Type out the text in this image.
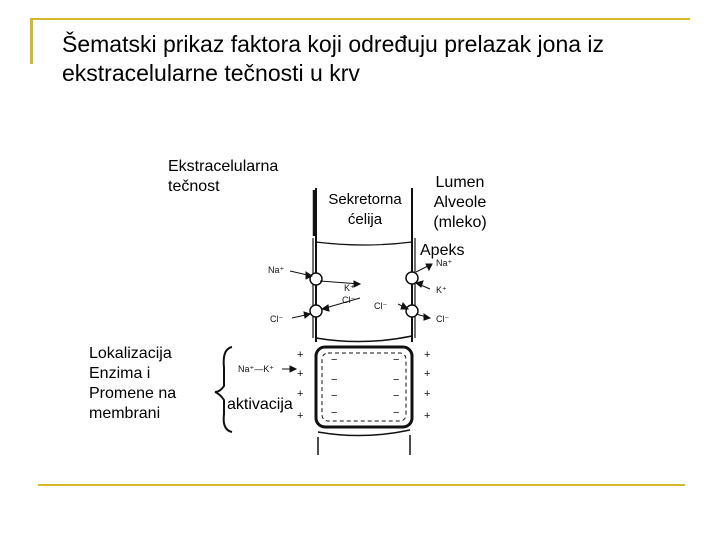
Šematski prikaz faktora koji određuju prelazak jona iz ekstracelularne tečnosti u krv
Ekstracelularna
tečnost
Sekretorna
ćelija
Lumen
Alveole
(mleko)
Apeks
Lokalizacija
Enzima i
Promene na
membrani
aktivacija
Na⁺
K⁺
Cl⁻
Cl⁻
Na⁺
K⁺
Cl⁻
Cl⁻
Na⁺—K⁺
+
+
+
+
−
−
−
−
−
−
−
−
+
+
+
+
